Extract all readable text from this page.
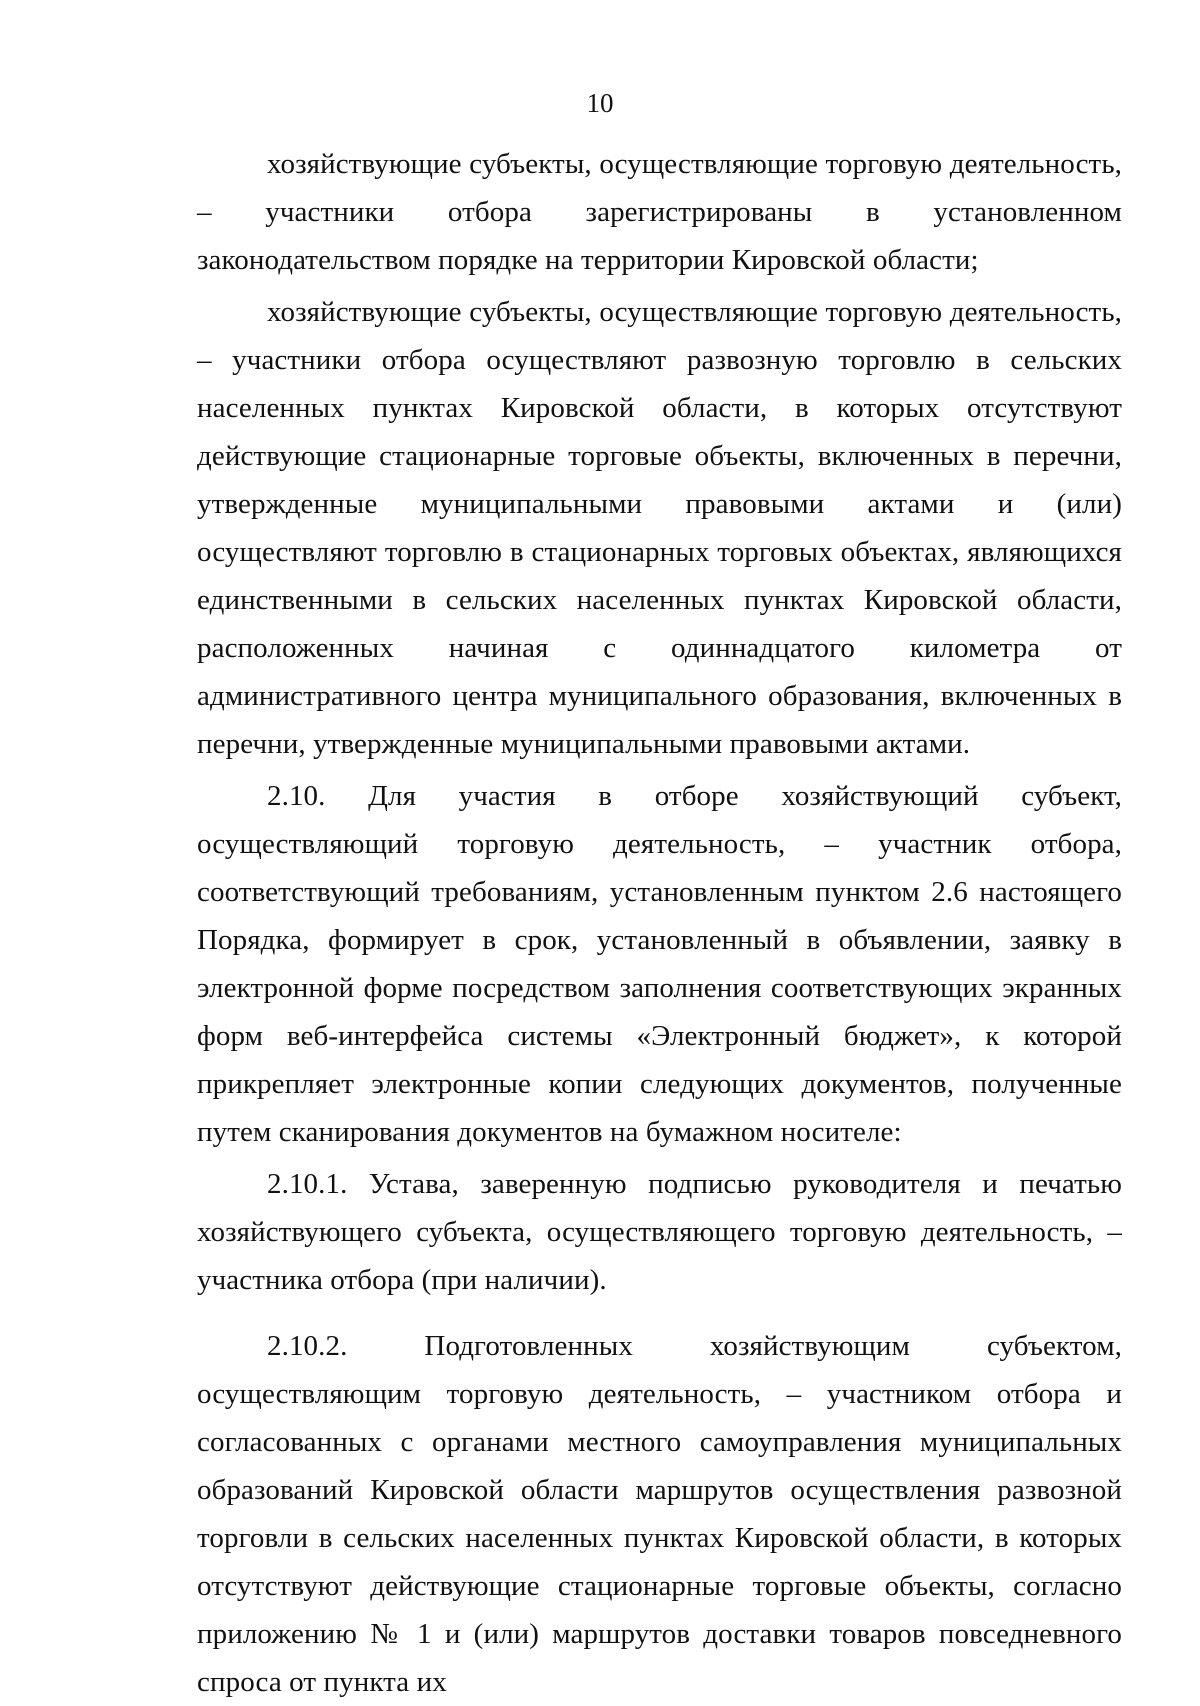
10

хозяйствующие субъекты, осуществляющие торговую деятельность, – участники отбора зарегистрированы в установленном законодательством порядке на территории Кировской области;

хозяйствующие субъекты, осуществляющие торговую деятельность, – участники отбора осуществляют развозную торговлю в сельских населенных пунктах Кировской области, в которых отсутствуют действующие стационарные торговые объекты, включенных в перечни, утвержденные муниципальными правовыми актами и (или) осуществляют торговлю в стационарных торговых объектах, являющихся единственными в сельских населенных пунктах Кировской области, расположенных начиная с одиннадцатого километра от административного центра муниципального образования, включенных в перечни, утвержденные муниципальными правовыми актами.

2.10. Для участия в отборе хозяйствующий субъект, осуществляющий торговую деятельность, – участник отбора, соответствующий требованиям, установленным пунктом 2.6 настоящего Порядка, формирует в срок, установленный в объявлении, заявку в электронной форме посредством заполнения соответствующих экранных форм веб-интерфейса системы «Электронный бюджет», к которой прикрепляет электронные копии следующих документов, полученные путем сканирования документов на бумажном носителе:

2.10.1. Устава, заверенную подписью руководителя и печатью хозяйствующего субъекта, осуществляющего торговую деятельность, – участника отбора (при наличии).

2.10.2. Подготовленных хозяйствующим субъектом, осуществляющим торговую деятельность, – участником отбора и согласованных с органами местного самоуправления муниципальных образований Кировской области маршрутов осуществления развозной торговли в сельских населенных пунктах Кировской области, в которых отсутствуют действующие стационарные торговые объекты, согласно приложению № 1 и (или) маршрутов доставки товаров повседневного спроса от пункта их
